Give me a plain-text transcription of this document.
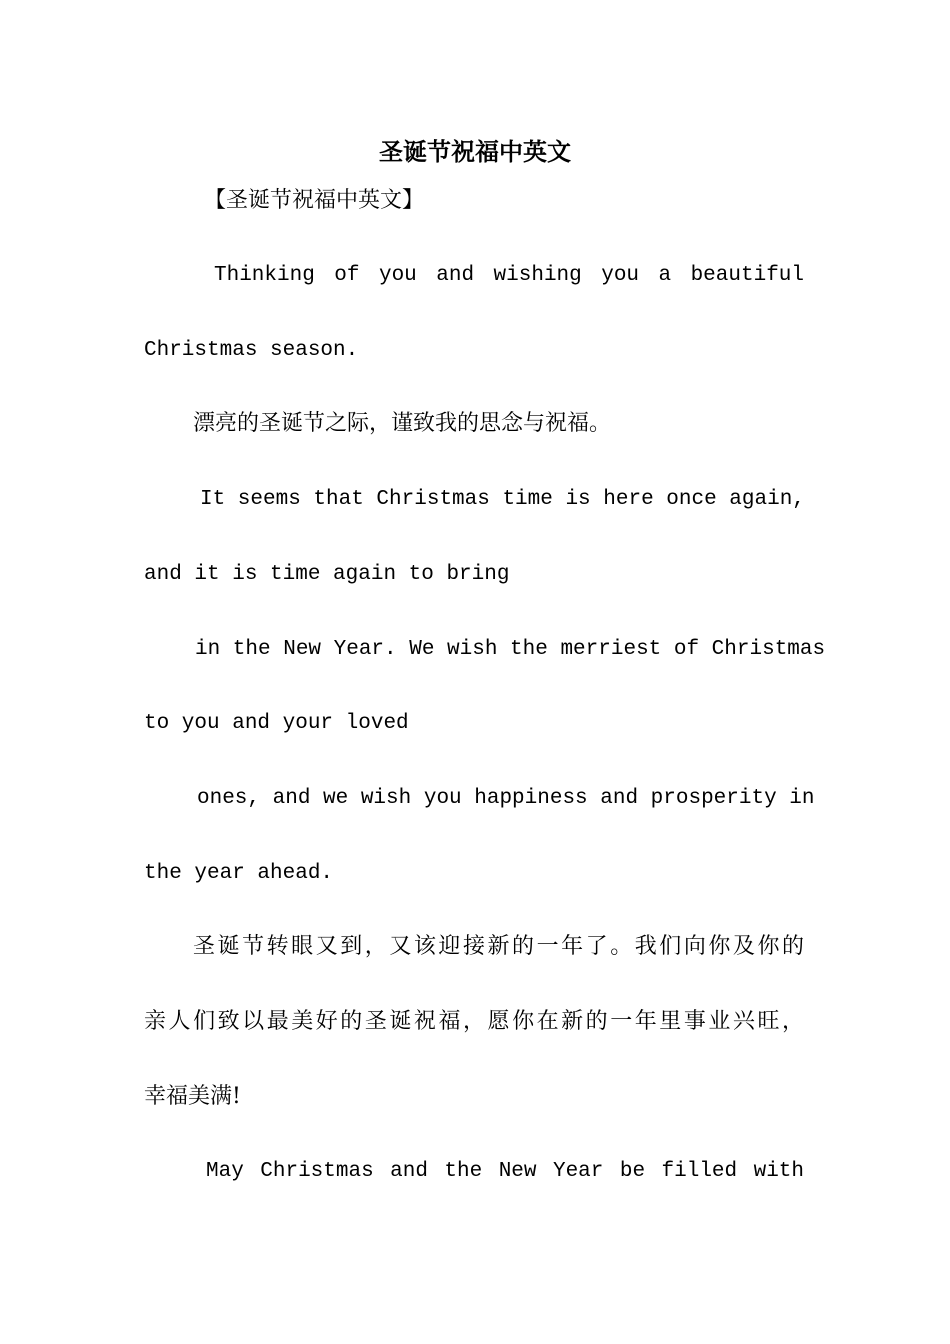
圣诞节祝福中英文

【圣诞节祝福中英文】

Thinking of you and wishing you a beautiful

Christmas season.

漂亮的圣诞节之际，谨致我的思念与祝福。

It seems that Christmas time is here once again,

and it is time again to bring

in the New Year. We wish the merriest of Christmas

to you and your loved

ones, and we wish you happiness and prosperity in

the year ahead.

圣诞节转眼又到，又该迎接新的一年了。我们向你及你的

亲人们致以最美好的圣诞祝福，愿你在新的一年里事业兴旺，

幸福美满!

May Christmas and the New Year be filled with
